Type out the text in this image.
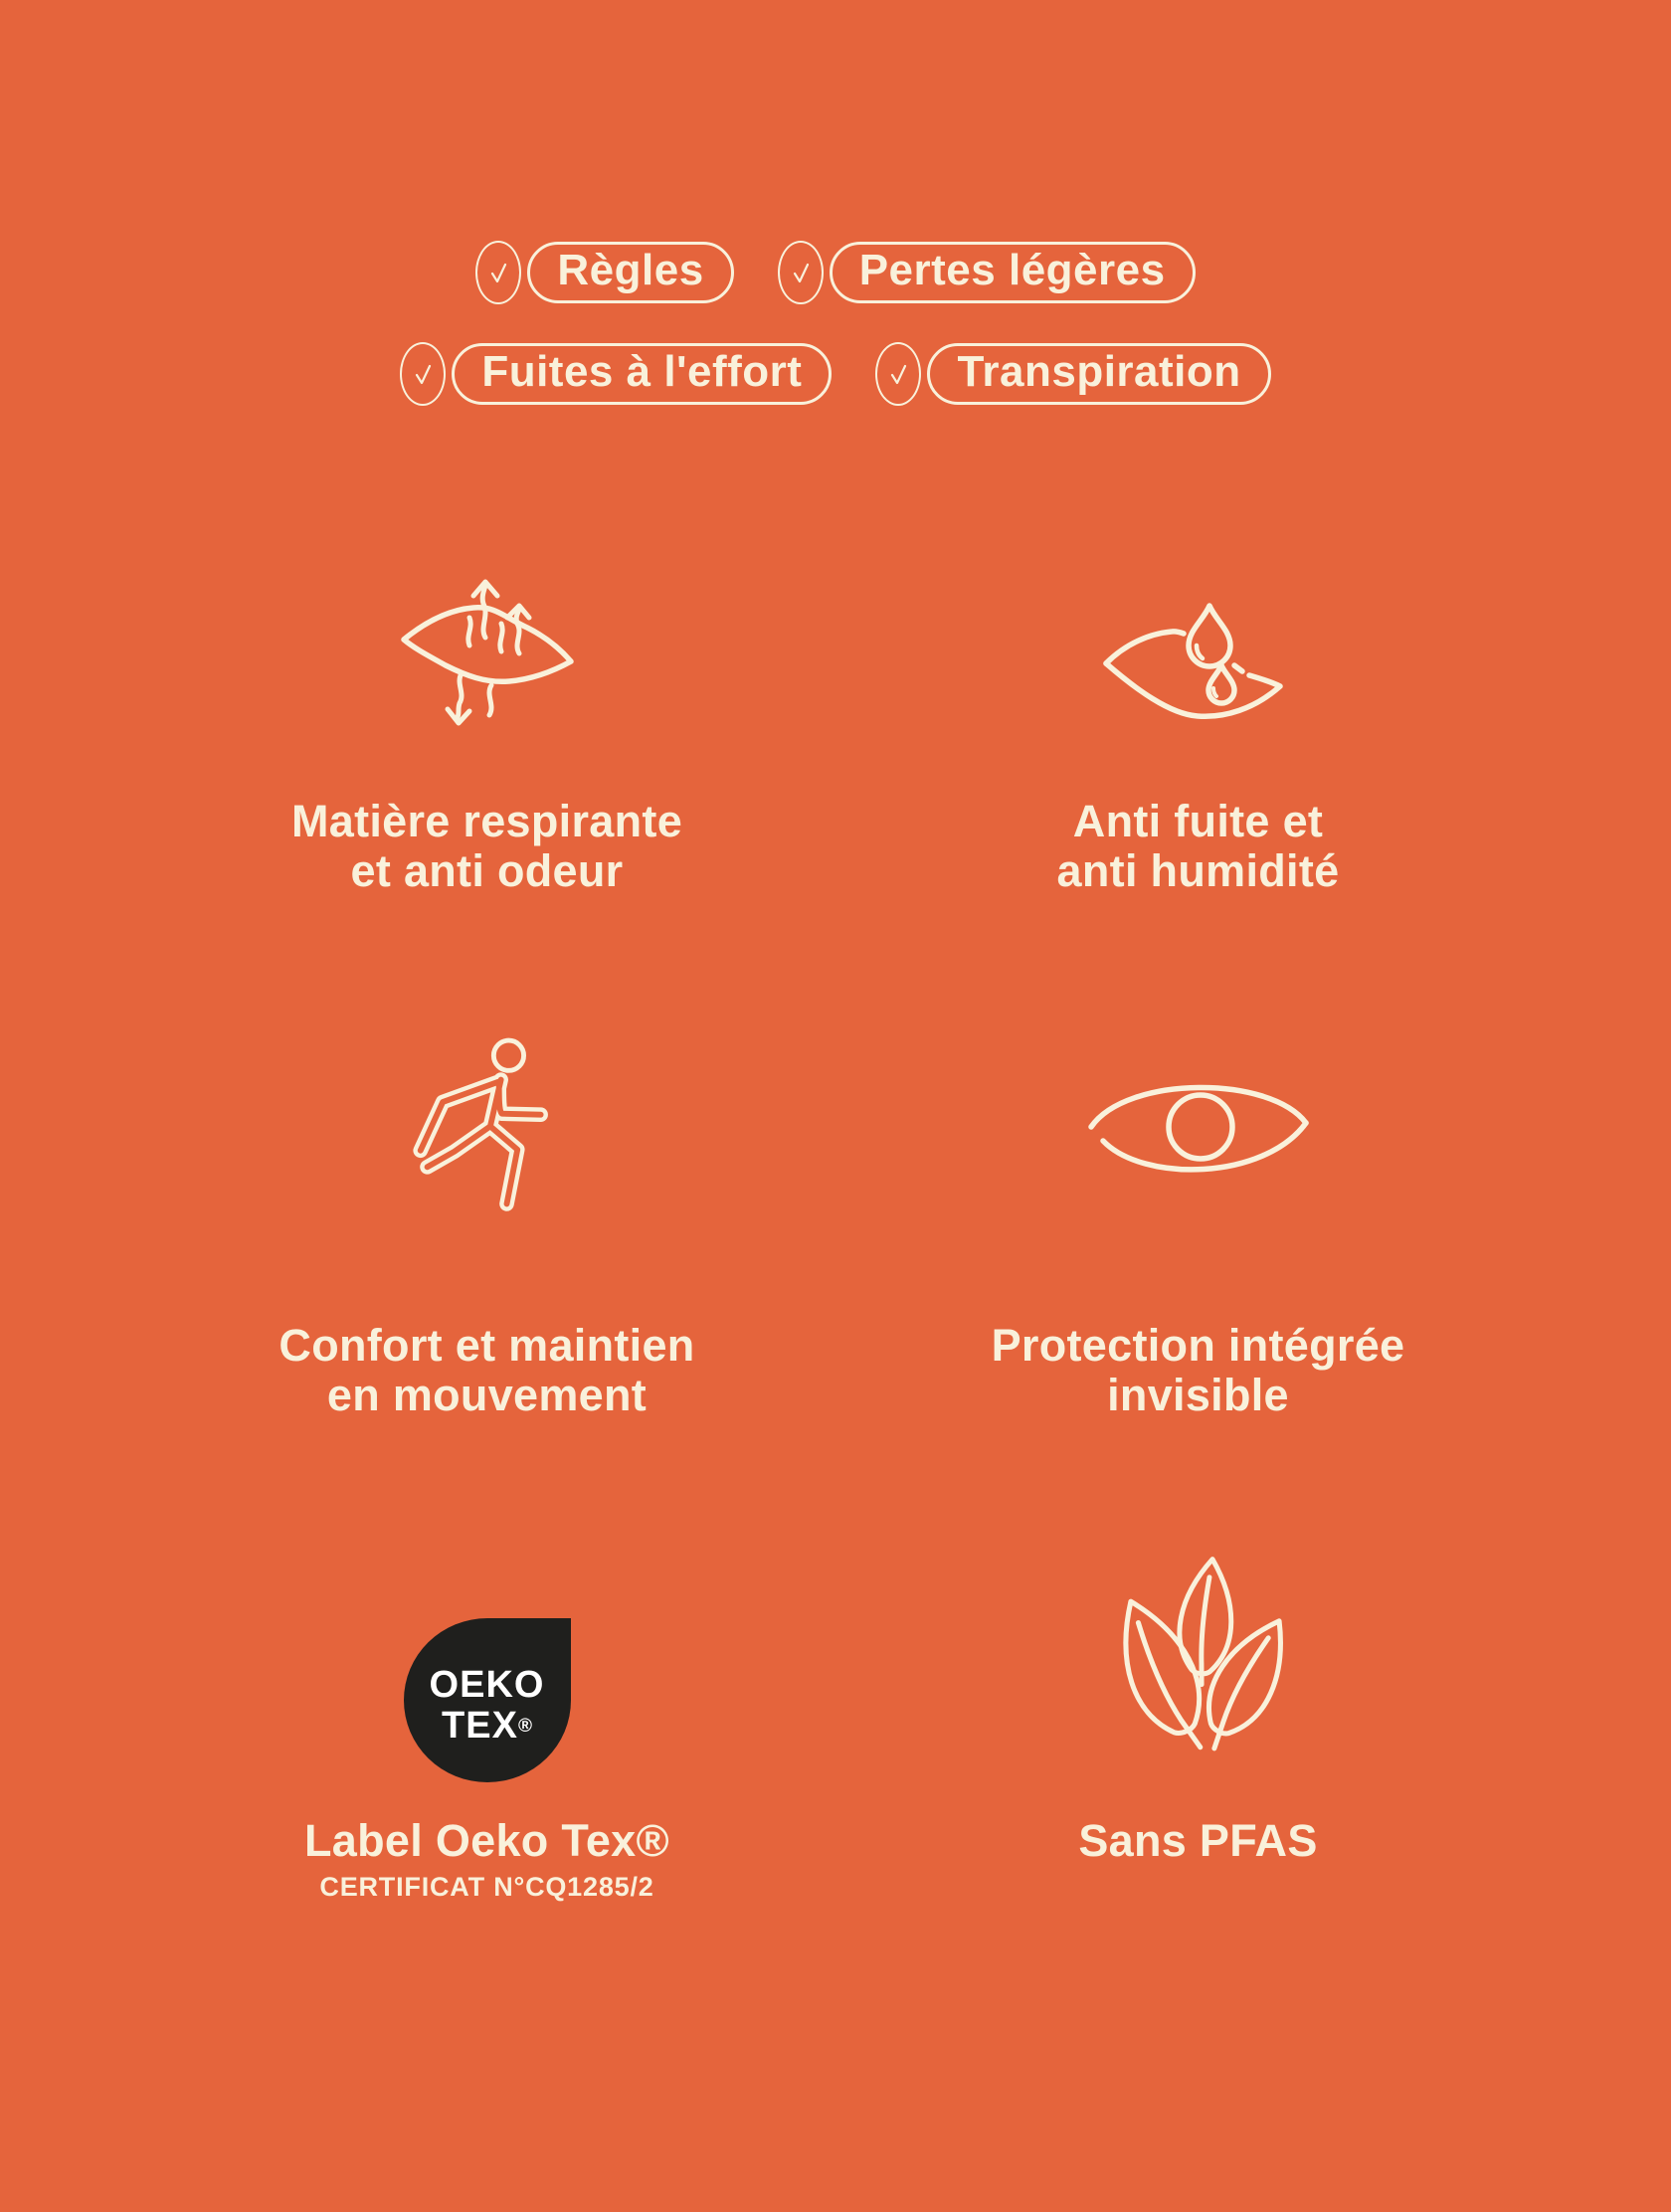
Règles	Pertes légères
Fuites à l'effort	Transpiration
Matière respirante
et anti odeur
Anti fuite et
anti humidité
Confort et maintien
en mouvement
Protection intégrée
invisible
OEKO
TEX®
Label Oeko Tex®
CERTIFICAT N°CQ1285/2
Sans PFAS
